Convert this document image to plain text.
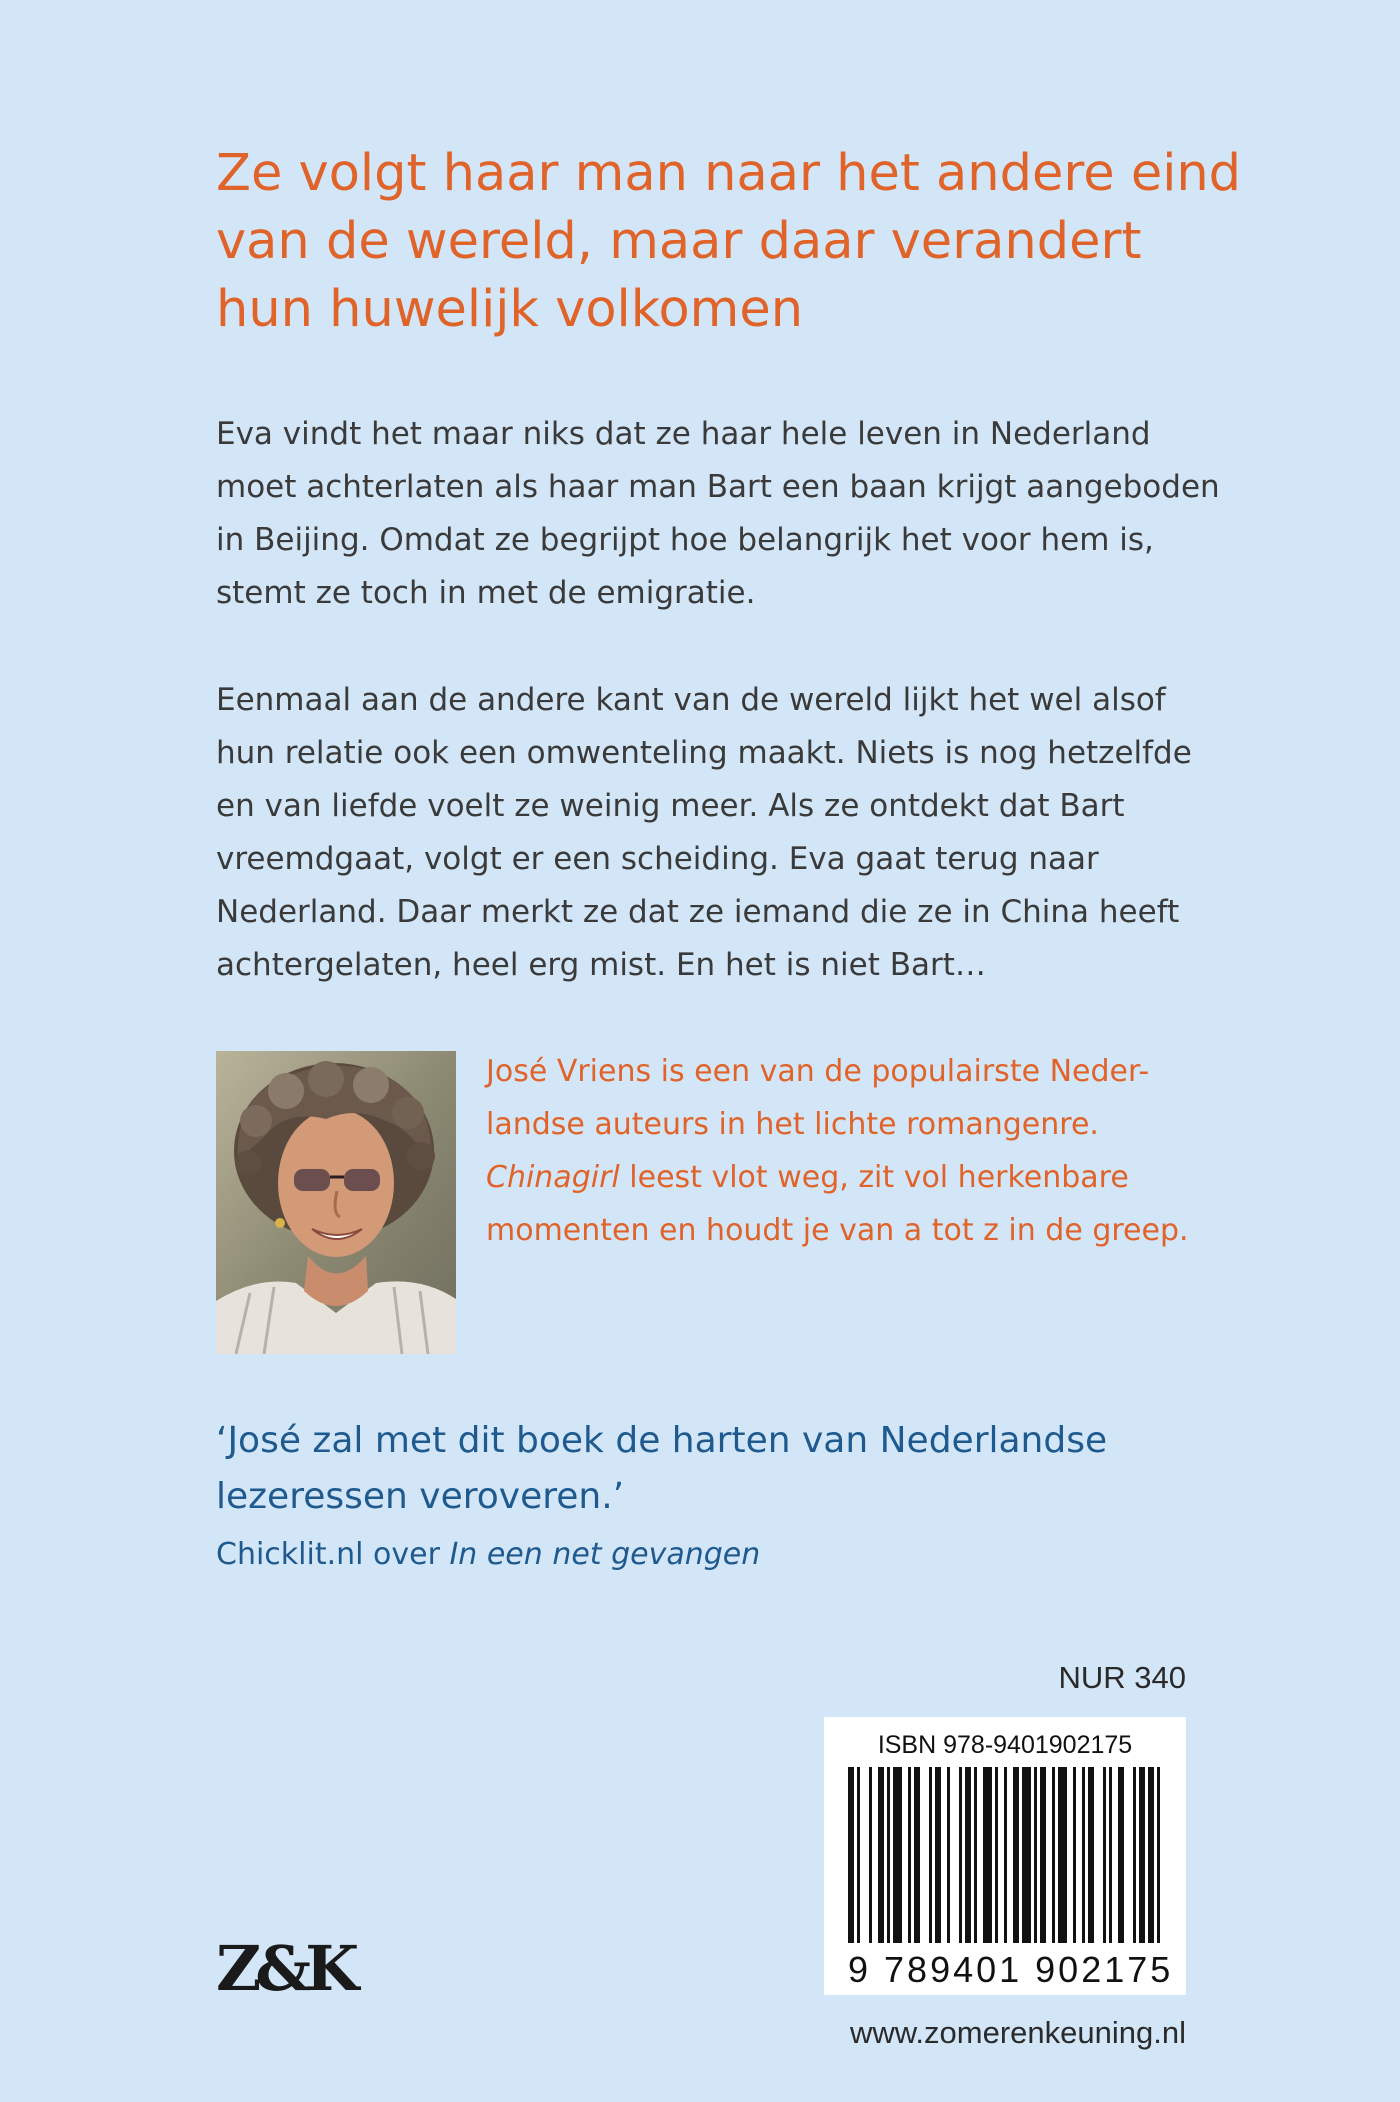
Ze volgt haar man naar het andere eind
van de wereld, maar daar verandert
hun huwelijk volkomen

Eva vindt het maar niks dat ze haar hele leven in Nederland
moet achterlaten als haar man Bart een baan krijgt aangeboden
in Beijing. Omdat ze begrijpt hoe belangrijk het voor hem is,
stemt ze toch in met de emigratie.

Eenmaal aan de andere kant van de wereld lijkt het wel alsof
hun relatie ook een omwenteling maakt. Niets is nog hetzelfde
en van liefde voelt ze weinig meer. Als ze ontdekt dat Bart
vreemdgaat, volgt er een scheiding. Eva gaat terug naar
Nederland. Daar merkt ze dat ze iemand die ze in China heeft
achtergelaten, heel erg mist. En het is niet Bart…

José Vriens is een van de populairste Neder-
landse auteurs in het lichte romangenre.
Chinagirl leest vlot weg, zit vol herkenbare
momenten en houdt je van a tot z in de greep.

‘José zal met dit boek de harten van Nederlandse
lezeressen veroveren.’

Chicklit.nl over In een net gevangen
NUR 340
ISBN 978-9401902175
9 789401 902175
Z&K
www.zomerenkeuning.nl
